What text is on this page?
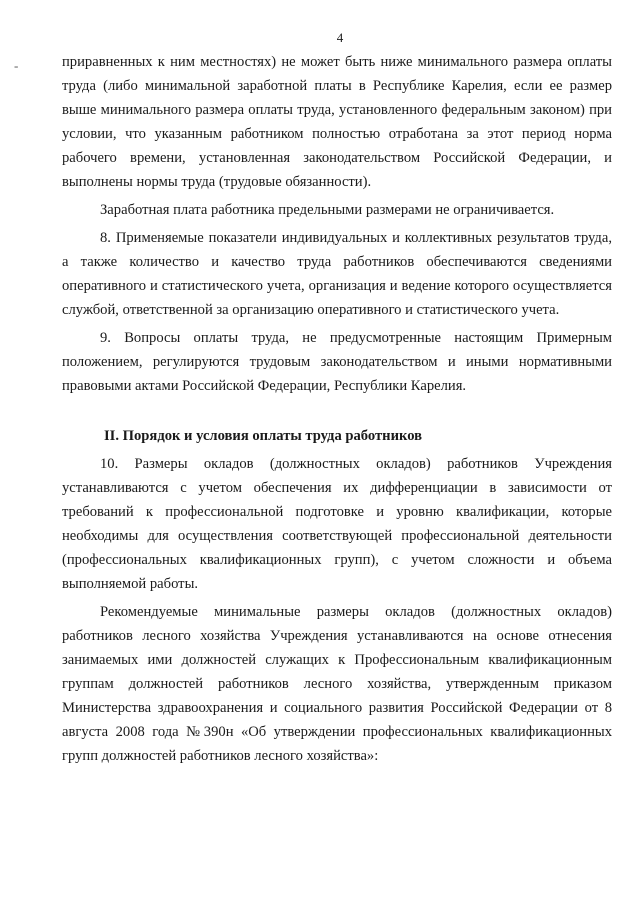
4
-	приравненных к ним местностях) не может быть ниже минимального размера оплаты труда (либо минимальной заработной платы в Республике Карелия, если ее размер выше минимального размера оплаты труда, установленного федеральным законом) при условии, что указанным работником полностью отработана за этот период норма рабочего времени, установленная законодательством Российской Федерации, и выполнены нормы труда (трудовые обязанности).

Заработная плата работника предельными размерами не ограничивается.

8. Применяемые показатели индивидуальных и коллективных результатов труда, а также количество и качество труда работников обеспечиваются сведениями оперативного и статистического учета, организация и ведение которого осуществляется службой, ответственной за организацию оперативного и статистического учета.

9. Вопросы оплаты труда, не предусмотренные настоящим Примерным положением, регулируются трудовым законодательством и иными нормативными правовыми актами Российской Федерации, Республики Карелия.

II. Порядок и условия оплаты труда работников

10. Размеры окладов (должностных окладов) работников Учреждения устанавливаются с учетом обеспечения их дифференциации в зависимости от требований к профессиональной подготовке и уровню квалификации, которые необходимы для осуществления соответствующей профессиональной деятельности (профессиональных квалификационных групп), с учетом сложности и объема выполняемой работы.

Рекомендуемые минимальные размеры окладов (должностных окладов) работников лесного хозяйства Учреждения устанавливаются на основе отнесения занимаемых ими должностей служащих к Профессиональным квалификационным группам должностей работников лесного хозяйства, утвержденным приказом Министерства здравоохранения и социального развития Российской Федерации от 8 августа 2008 года №390н «Об утверждении профессиональных квалификационных групп должностей работников лесного хозяйства»:
